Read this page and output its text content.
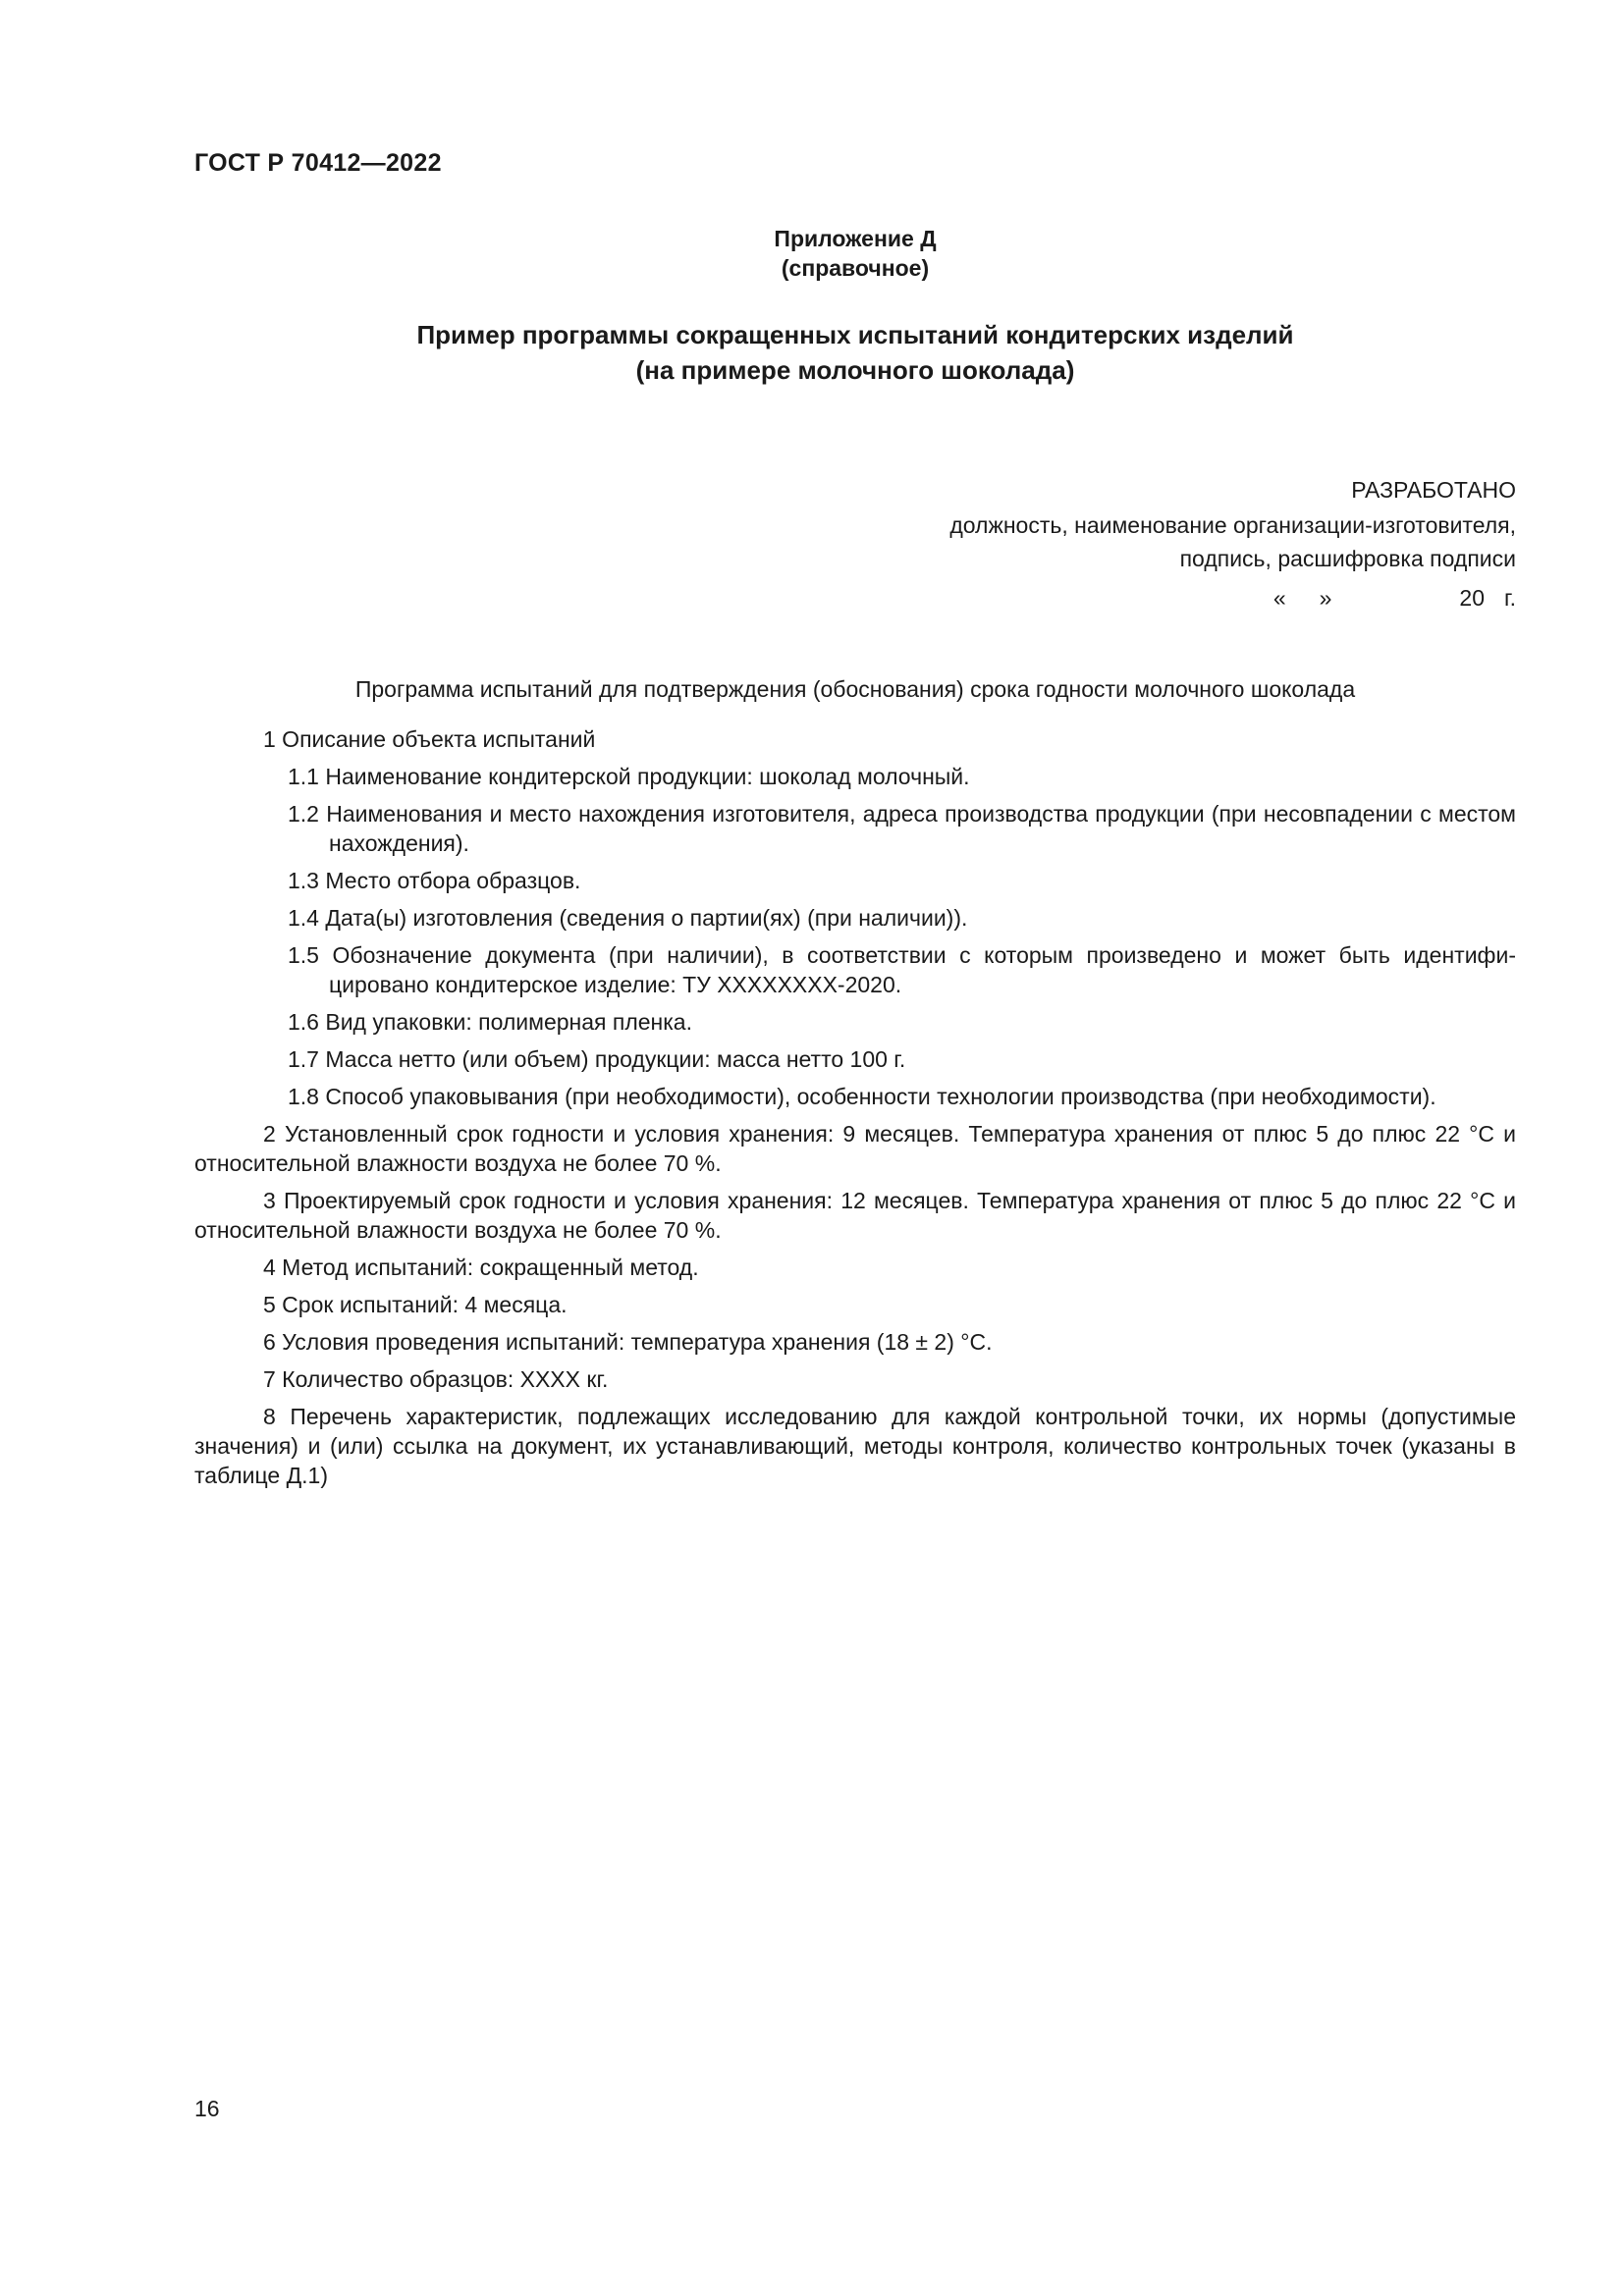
ГОСТ Р 70412—2022
Приложение Д
(справочное)
Пример программы сокращенных испытаний кондитерских изделий
(на примере молочного шоколада)
РАЗРАБОТАНО
должность, наименование организации-изготовителя,
подпись, расшифровка подписи
« »	20 г.
Программа испытаний для подтверждения (обоснования) срока годности молочного шоколада

1 Описание объекта испытаний

1.1 Наименование кондитерской продукции: шоколад молочный.

1.2 Наименования и место нахождения изготовителя, адреса производства продукции (при несовпадении с местом нахождения).

1.3 Место отбора образцов.

1.4 Дата(ы) изготовления (сведения о партии(ях) (при наличии)).

1.5 Обозначение документа (при наличии), в соответствии с которым произведено и может быть идентифицировано кондитерское изделие: ТУ ХХХХХХХХ-2020.

1.6 Вид упаковки: полимерная пленка.

1.7 Масса нетто (или объем) продукции: масса нетто 100 г.

1.8 Способ упаковывания (при необходимости), особенности технологии производства (при необходимости).

2 Установленный срок годности и условия хранения: 9 месяцев. Температура хранения от плюс 5 до плюс 22 °С и относительной влажности воздуха не более 70 %.

3 Проектируемый срок годности и условия хранения: 12 месяцев. Температура хранения от плюс 5 до плюс 22 °С и относительной влажности воздуха не более 70 %.

4 Метод испытаний: сокращенный метод.

5 Срок испытаний: 4 месяца.

6 Условия проведения испытаний: температура хранения (18 ± 2) °С.

7 Количество образцов: ХХХХ кг.

8 Перечень характеристик, подлежащих исследованию для каждой контрольной точки, их нормы (допустимые значения) и (или) ссылка на документ, их устанавливающий, методы контроля, количество контрольных точек (указаны в таблице Д.1)

16
